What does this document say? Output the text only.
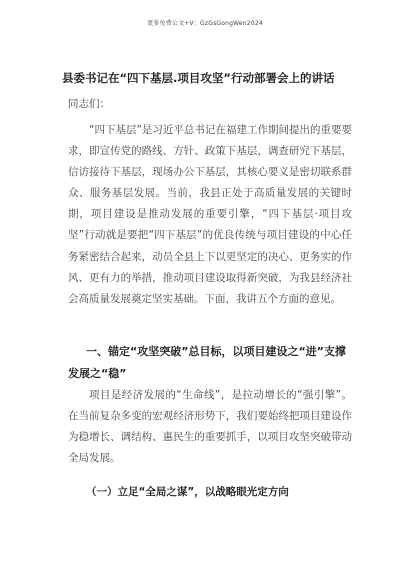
更多免费公文+V：GzGsGongWen2024
县委书记在“四下基层.项目攻坚”行动部署会上的讲话
同志们：
“四下基层”是习近平总书记在福建工作期间提出的重要要求，即宣传党的路线、方针、政策下基层，调查研究下基层，信访接待下基层，现场办公下基层，其核心要义是密切联系群众、服务基层发展。当前，我县正处于高质量发展的关键时期，项目建设是推动发展的重要引擎，“四下基层·项目攻坚”行动就是要把“四下基层”的优良传统与项目建设的中心任务紧密结合起来，动员全县上下以更坚定的决心、更务实的作风、更有力的举措，推动项目建设取得新突破，为我县经济社会高质量发展奠定坚实基础。下面，我讲五个方面的意见。
一、锚定“攻坚突破”总目标，以项目建设之“进”支撑发展之“稳”
项目是经济发展的“生命线”，是拉动增长的“强引擎”。在当前复杂多变的宏观经济形势下，我们要始终把项目建设作为稳增长、调结构、惠民生的重要抓手，以项目攻坚突破带动全局发展。
（一）立足“全局之谋”，以战略眼光定方向
